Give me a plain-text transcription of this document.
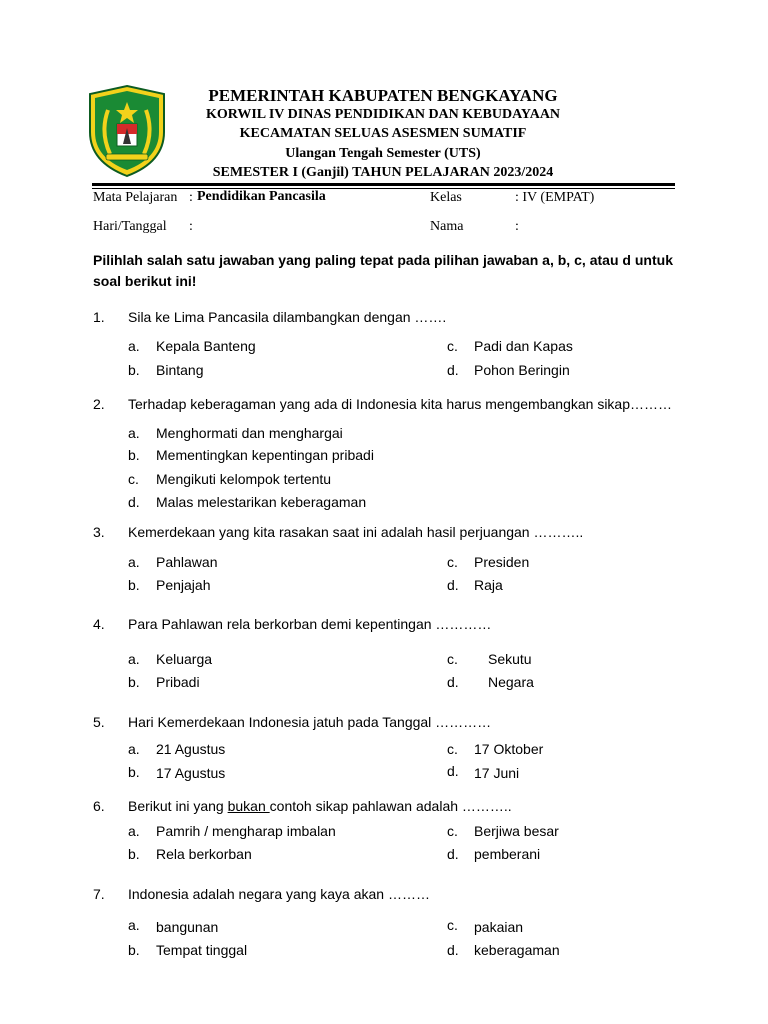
PEMERINTAH KABUPATEN BENGKAYANG
KORWIL IV DINAS PENDIDIKAN DAN KEBUDAYAAN
KECAMATAN SELUAS ASESMEN SUMATIF
Ulangan Tengah Semester (UTS)
SEMESTER I (Ganjil) TAHUN PELAJARAN 2023/2024
Mata Pelajaran : Pendidikan Pancasila	Kelas	: IV (EMPAT)
Hari/Tanggal :	Nama	:
Pilihlah salah satu jawaban yang paling tepat pada pilihan jawaban a, b, c, atau d untuk soal berikut ini!
1. Sila ke Lima Pancasila dilambangkan dengan …….
a. Kepala Banteng
b. Bintang
c. Padi dan Kapas
d. Pohon Beringin
2. Terhadap keberagaman yang ada di Indonesia kita harus mengembangkan sikap………
a. Menghormati dan menghargai
b. Mementingkan kepentingan pribadi
c. Mengikuti kelompok tertentu
d. Malas melestarikan keberagaman
3. Kemerdekaan yang kita rasakan saat ini adalah hasil perjuangan ………..
a. Pahlawan
b. Penjajah
c. Presiden
d. Raja
4. Para Pahlawan rela berkorban demi kepentingan …………
a. Keluarga
b. Pribadi
c. Sekutu
d. Negara
5. Hari Kemerdekaan Indonesia jatuh pada Tanggal …………
a. 21 Agustus
b. 17 Agustus
c. 17 Oktober
d. 17 Juni
6. Berikut ini yang bukan contoh sikap pahlawan adalah ………..
a. Pamrih / mengharap imbalan
b. Rela berkorban
c. Berjiwa besar
d. pemberani
7. Indonesia adalah negara yang kaya akan ………
a. bangunan
b. Tempat tinggal
c. pakaian
d. keberagaman
